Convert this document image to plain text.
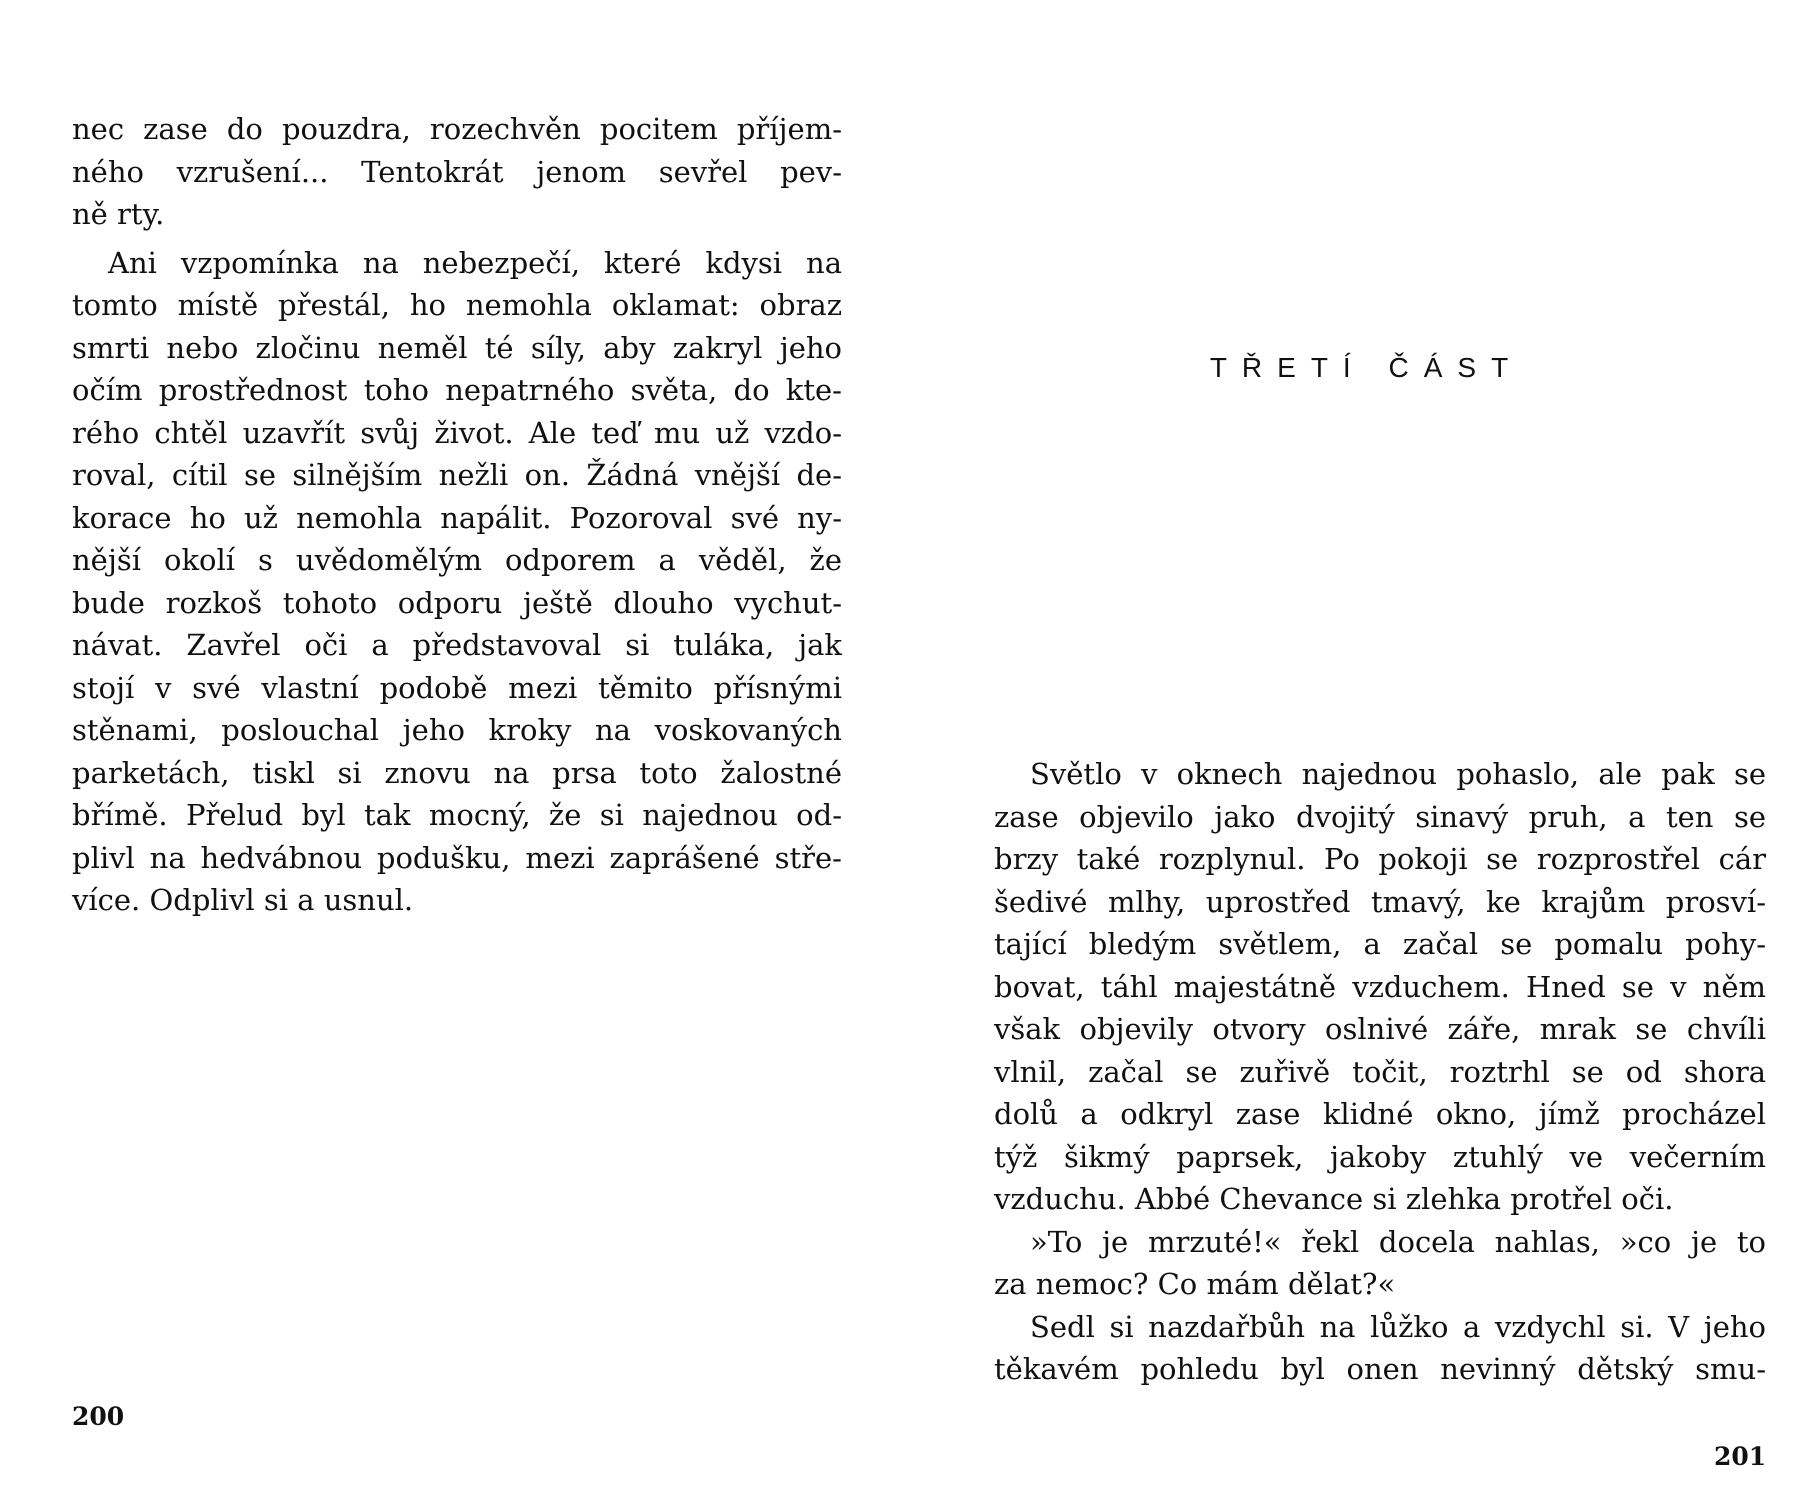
nec zase do pouzdra, rozechvěn pocitem příjem-
ného vzrušení... Tentokrát jenom sevřel pev-
ně rty.
Ani vzpomínka na nebezpečí, které kdysi na
tomto místě přestál, ho nemohla oklamat: obraz
smrti nebo zločinu neměl té síly, aby zakryl jeho
očím prostřednost toho nepatrného světa, do kte-
rého chtěl uzavřít svůj život. Ale teď mu už vzdo-
roval, cítil se silnějším nežli on. Žádná vnější de-
korace ho už nemohla napálit. Pozoroval své ny-
nější okolí s uvědomělým odporem a věděl, že
bude rozkoš tohoto odporu ještě dlouho vychut-
návat. Zavřel oči a představoval si tuláka, jak
stojí v své vlastní podobě mezi těmito přísnými
stěnami, poslouchal jeho kroky na voskovaných
parketách, tiskl si znovu na prsa toto žalostné
břímě. Přelud byl tak mocný, že si najednou od-
plivl na hedvábnou podušku, mezi zaprášené stře-
více. Odplivl si a usnul.
200
TŘETÍ ČÁST
Světlo v oknech najednou pohaslo, ale pak se
zase objevilo jako dvojitý sinavý pruh, a ten se
brzy také rozplynul. Po pokoji se rozprostřel cár
šedivé mlhy, uprostřed tmavý, ke krajům prosví-
tající bledým světlem, a začal se pomalu pohy-
bovat, táhl majestátně vzduchem. Hned se v něm
však objevily otvory oslnivé záře, mrak se chvíli
vlnil, začal se zuřivě točit, roztrhl se od shora
dolů a odkryl zase klidné okno, jímž procházel
týž šikmý paprsek, jakoby ztuhlý ve večerním
vzduchu. Abbé Chevance si zlehka protřel oči.
»To je mrzuté!« řekl docela nahlas, »co je to
za nemoc? Co mám dělat?«
Sedl si nazdařbůh na lůžko a vzdychl si. V jeho
těkavém pohledu byl onen nevinný dětský smu-
201
